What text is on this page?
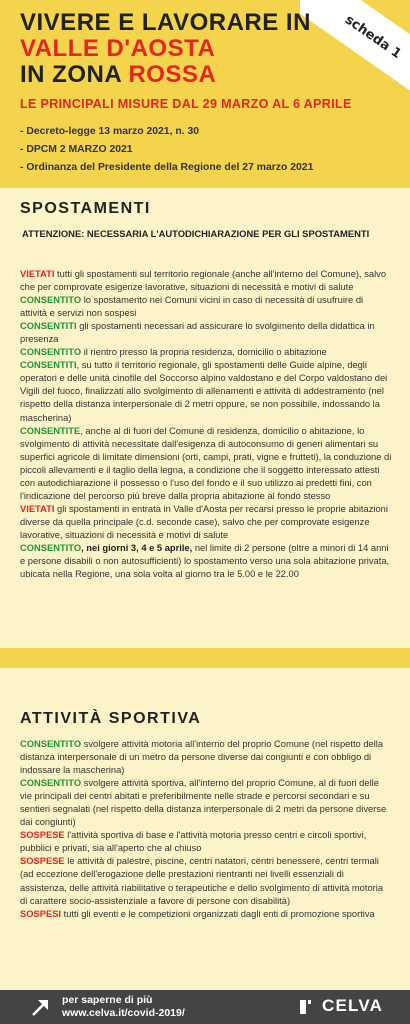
scheda 1
VIVERE E LAVORARE IN
VALLE D'AOSTA
IN ZONA ROSSA
LE PRINCIPALI MISURE DAL 29 MARZO AL 6 APRILE
- Decreto-legge 13 marzo 2021, n. 30
- DPCM 2 MARZO 2021
- Ordinanza del Presidente della Regione del 27 marzo 2021
SPOSTAMENTI
ATTENZIONE: NECESSARIA L'AUTODICHIARAZIONE PER GLI SPOSTAMENTI
VIETATI tutti gli spostamenti sul territorio regionale (anche all'interno del Comune), salvo che per comprovate esigenze lavorative, situazioni di necessità e motivi di salute
CONSENTITO lo spostamento nei Comuni vicini in caso di necessità di usufruire di attività e servizi non sospesi
CONSENTITI gli spostamenti necessari ad assicurare lo svolgimento della didattica in presenza
CONSENTITO il rientro presso la propria residenza, domicilio o abitazione
CONSENTITI, su tutto il territorio regionale, gli spostamenti delle Guide alpine, degli operatori e delle unità cinofile del Soccorso alpino valdostano e del Corpo valdostano dei Vigili del fuoco, finalizzati allo svolgimento di allenamenti e attività di addestramento (nel rispetto della distanza interpersonale di 2 metri oppure, se non possibile, indossando la mascherina)
CONSENTITE, anche al di fuori del Comune di residenza, domicilio o abitazione, lo svolgimento di attività necessitate dall'esigenza di autoconsumo di generi alimentari su superfici agricole di limitate dimensioni (orti, campi, prati, vigne e frutteti), la conduzione di piccoli allevamenti e il taglio della legna, a condizione che il soggetto interessato attesti con autodichiarazione il possesso o l'uso del fondo e il suo utilizzo ai predetti fini, con l'indicazione del percorso più breve dalla propria abitazione al fondo stesso
VIETATI gli spostamenti in entrata in Valle d'Aosta per recarsi presso le proprie abitazioni diverse da quella principale (c.d. seconde case), salvo che per comprovate esigenze lavorative, situazioni di necessità e motivi di salute
CONSENTITO, nei giorni 3, 4 e 5 aprile, nel limite di 2 persone (oltre a minori di 14 anni e persone disabili o non autosufficienti) lo spostamento verso una sola abitazione privata, ubicata nella Regione, una sola volta al giorno tra le 5.00 e le 22.00
ATTIVITÀ SPORTIVA
CONSENTITO svolgere attività motoria all'interno del proprio Comune (nel rispetto della distanza interpersonale di un metro da persone diverse dai congiunti e con obbligo di indossare la mascherina)
CONSENTITO svolgere attività sportiva, all'interno del proprio Comune, al di fuori delle vie principali dei centri abitati e preferibilmente nelle strade e percorsi secondari e su sentieri segnalati (nel rispetto della distanza interpersonale di 2 metri da persone diverse dai congiunti)
SOSPESE l'attività sportiva di base e l'attività motoria presso centri e circoli sportivi, pubblici e privati, sia all'aperto che al chiuso
SOSPESE le attività di palestre, piscine, centri natatori, centri benessere, centri termali (ad eccezione dell'erogazione delle prestazioni rientranti nei livelli essenziali di assistenza, delle attività riabilitative o terapeutiche e dello svolgimento di attività motoria di carattere socio-assistenziale a favore di persone con disabilità)
SOSPESI tutti gli eventi e le competizioni organizzati dagli enti di promozione sportiva
per saperne di più
www.celva.it/covid-2019/	CELVA
